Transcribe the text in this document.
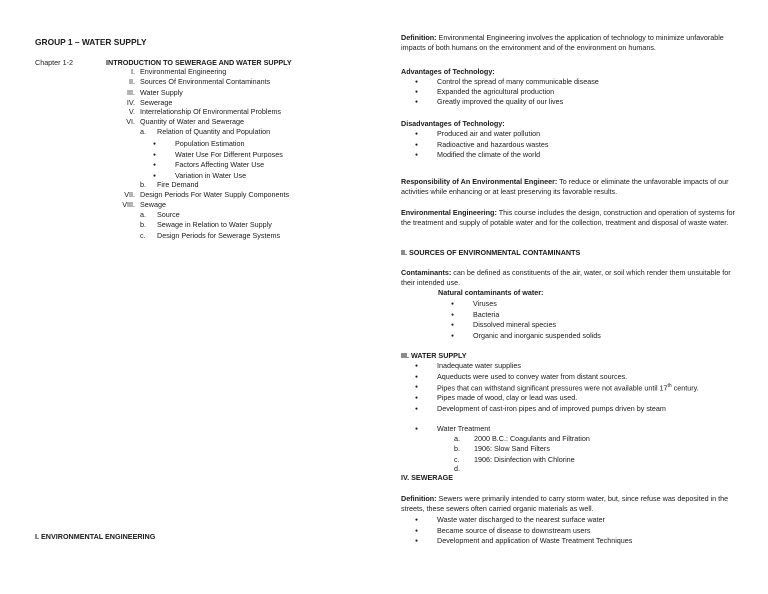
GROUP 1 – WATER SUPPLY
Chapter 1-2	INTRODUCTION TO SEWERAGE AND WATER SUPPLY
I. Environmental Engineering
II. Sources Of Environmental Contaminants
III. Water Supply
IV. Sewerage
V. Interrelationship Of Environmental Problems
VI. Quantity of Water and Sewerage
a. Relation of Quantity and Population
● Population Estimation
● Water Use For Different Purposes
● Factors Affecting Water Use
● Variation in Water Use
b. Fire Demand
VII. Design Periods For Water Supply Components
VIII. Sewage
a. Source
b. Sewage in Relation to Water Supply
c. Design Periods for Sewerage Systems
I. ENVIRONMENTAL ENGINEERING
Definition: Environmental Engineering involves the application of technology to minimize unfavorable impacts of both humans on the environment and of the environment on humans.
Advantages of Technology:
● Control the spread of many communicable disease
● Expanded the agricultural production
● Greatly improved the quality of our lives
Disadvantages of Technology:
● Produced air and water pollution
● Radioactive and hazardous wastes
● Modified the climate of the world
Responsibility of An Environmental Engineer: To reduce or eliminate the unfavorable impacts of our activities while enhancing or at least preserving its favorable results.
Environmental Engineering: This course includes the design, construction and operation of systems for the treatment and supply of potable water and for the collection, treatment and disposal of waste water.
II. SOURCES OF ENVIRONMENTAL CONTAMINANTS
Contaminants: can be defined as constituents of the air, water, or soil which render them unsuitable for their intended use.
Natural contaminants of water:
● Viruses
● Bacteria
● Dissolved mineral species
● Organic and inorganic suspended solids
III. WATER SUPPLY
● Inadequate water supplies
● Aqueducts were used to convey water from distant sources.
● Pipes that can withstand significant pressures were not available until 17th century.
● Pipes made of wood, clay or lead was used.
● Development of cast-iron pipes and of improved pumps driven by steam
● Water Treatment
a. 2000 B.C.: Coagulants and Filtration
b. 1906: Slow Sand Filters
c. 1906: Disinfection with Chlorine
d.
IV. SEWERAGE
Definition: Sewers were primarily intended to carry storm water, but, since refuse was deposited in the streets, these sewers often carried organic materials as well.
● Waste water discharged to the nearest surface water
● Became source of disease to downstream users
● Development and application of Waste Treatment Techniques
